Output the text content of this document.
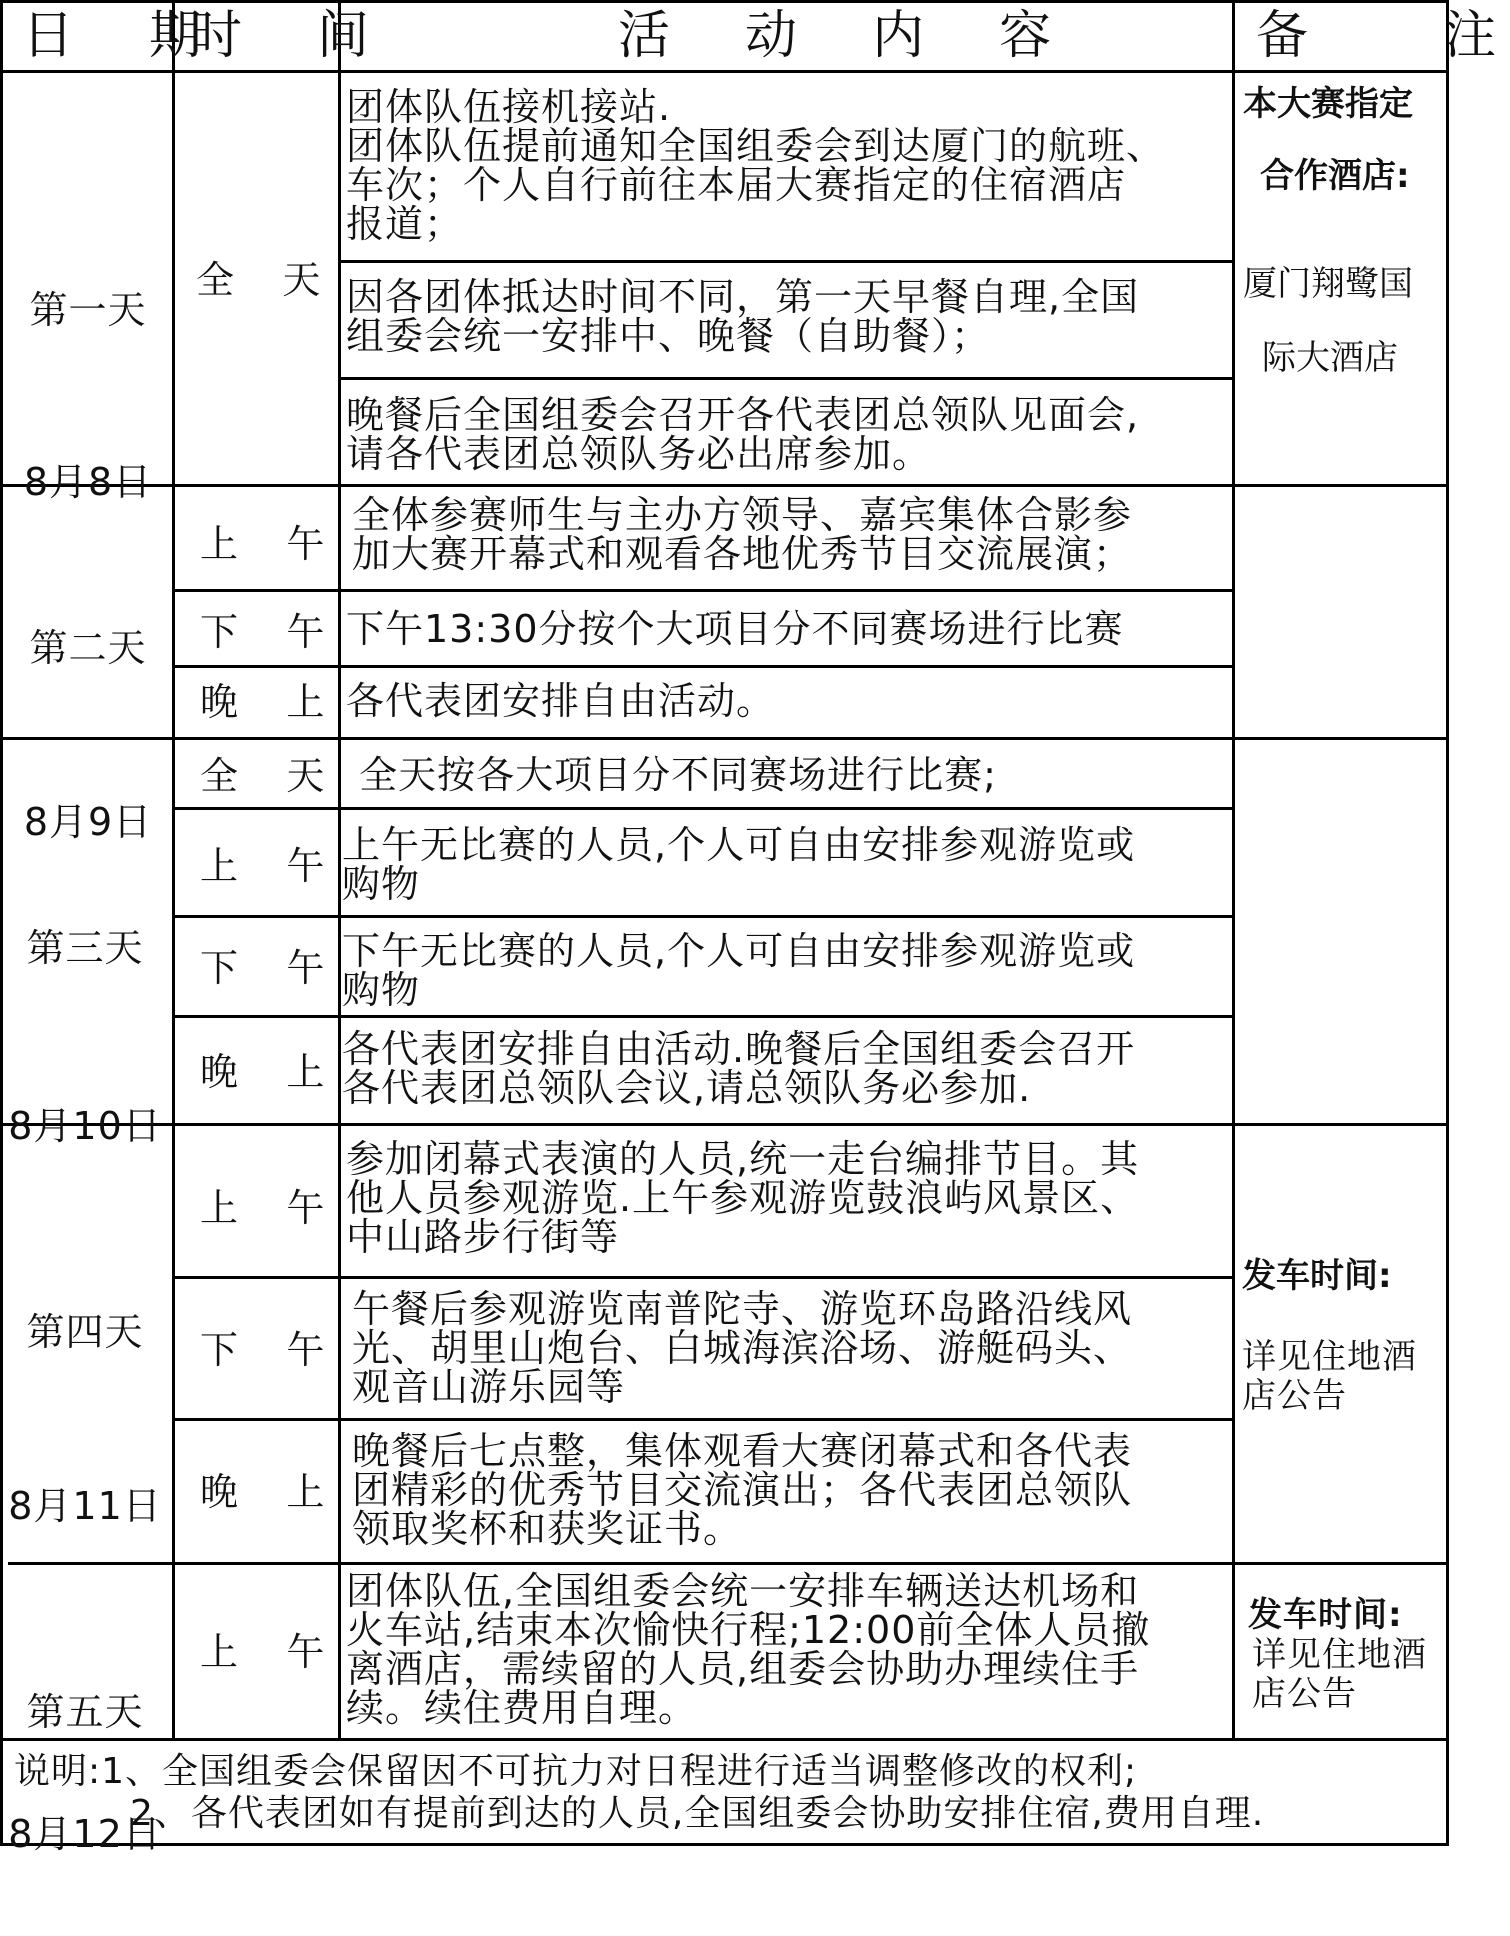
日  期
时  间	活  动  内  容	备    注

第一天

8月8日

全    天
团体队伍接机接站.
团体队伍提前通知全国组委会到达厦门的航班、
车次；个人自行前往本届大赛指定的住宿酒店
报道；
因各团体抵达时间不同，第一天早餐自理,全国
组委会统一安排中、晚餐（自助餐）；
晚餐后全国组委会召开各代表团总领队见面会,
请各代表团总领队务必出席参加。
本大赛指定
合作酒店:
厦门翔鹭国
际大酒店

第二天

8月9日

上    午
下    午
晚    上
全体参赛师生与主办方领导、嘉宾集体合影参
加大赛开幕式和观看各地优秀节目交流展演；
下午13:30分按个大项目分不同赛场进行比赛
各代表团安排自由活动。

第三天

8月10日

全    天
上    午
下    午
晚    上
全天按各大项目分不同赛场进行比赛;
上午无比赛的人员,个人可自由安排参观游览或
购物
下午无比赛的人员,个人可自由安排参观游览或
购物
各代表团安排自由活动.晚餐后全国组委会召开
各代表团总领队会议,请总领队务必参加.

第四天

8月11日

上    午
下    午
晚    上
参加闭幕式表演的人员,统一走台编排节目。其
他人员参观游览.上午参观游览鼓浪屿风景区、
中山路步行街等
午餐后参观游览南普陀寺、游览环岛路沿线风
光、胡里山炮台、白城海滨浴场、游艇码头、
观音山游乐园等
晚餐后七点整，集体观看大赛闭幕式和各代表
团精彩的优秀节目交流演出；各代表团总领队
领取奖杯和获奖证书。
发车时间:
详见住地酒
店公告

第五天

8月12日

上    午
团体队伍,全国组委会统一安排车辆送达机场和
火车站,结束本次愉快行程;12:00前全体人员撤
离酒店，需续留的人员,组委会协助办理续住手
续。续住费用自理。
发车时间:
详见住地酒
店公告
说明:1、全国组委会保留因不可抗力对日程进行适当调整修改的权利;
2、各代表团如有提前到达的人员,全国组委会协助安排住宿,费用自理.
